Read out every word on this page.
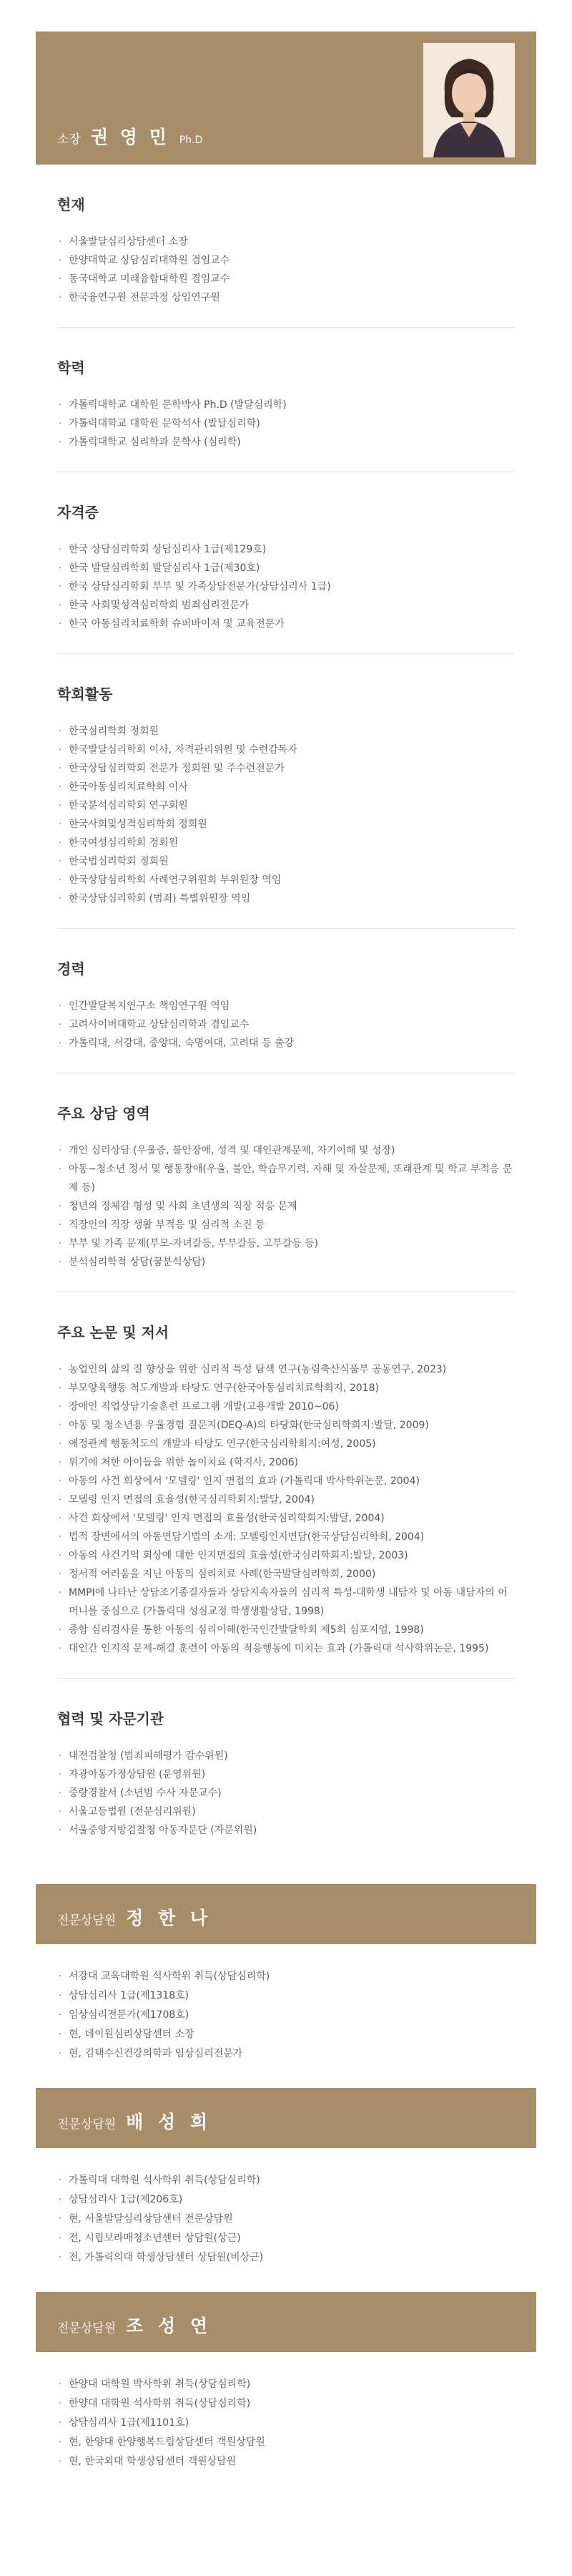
소장 권 영 민 Ph.D
현재
· 서울발달심리상담센터 소장
· 한양대학교 상담심리대학원 겸임교수
· 동국대학교 미래융합대학원 겸임교수
· 한국융연구원 전문과정 상임연구원
학력
· 가톨릭대학교 대학원 문학박사 Ph.D (발달심리학)
· 가톨릭대학교 대학원 문학석사 (발달심리학)
· 가톨릭대학교 심리학과 문학사 (심리학)
자격증
· 한국 상담심리학회 상담심리사 1급(제129호)
· 한국 발달심리학회 발달심리사 1급(제30호)
· 한국 상담심리학회 부부 및 가족상담전문가(상담심리사 1급)
· 한국 사회및성격심리학회 범죄심리전문가
· 한국 아동심리치료학회 슈퍼바이저 및 교육전문가
학회활동
· 한국심리학회 정회원
· 한국발달심리학회 이사, 자격관리위원 및 수련감독자
· 한국상담심리학회 전문가 정회원 및 주수련전문가
· 한국아동심리치료학회 이사
· 한국분석심리학회 연구회원
· 한국사회및성격심리학회 정회원
· 한국여성심리학회 정회원
· 한국법심리학회 정회원
· 한국상담심리학회 사례연구위원회 부위원장 역임
· 한국상담심리학회 (범죄) 특별위원장 역임
경력
· 인간발달복지연구소 책임연구원 역임
· 고려사이버대학교 상담심리학과 겸임교수
· 가톨릭대, 서강대, 중앙대, 숙명여대, 고려대 등 출강
주요 상담 영역
· 개인 심리상담 (우울증, 불안장애, 성격 및 대인관계문제, 자기이해 및 성장)
· 아동~청소년 정서 및 행동장애(우울, 불안, 학습무기력, 자해 및 자살문제, 또래관계 및 학교 부적응 문제 등)
· 청년의 정체감 형성 및 사회 초년생의 직장 적응 문제
· 직장인의 직장 생활 부적응 및 심리적 소진 등
· 부부 및 가족 문제(부모-자녀갈등, 부부갈등, 고부갈등 등)
· 분석심리학적 상담(꿈분석상담)
주요 논문 및 저서
· 농업인의 삶의 질 향상을 위한 심리적 특성 탐색 연구(농림축산식품부 공동연구, 2023)
· 부모양육행동 척도개발과 타당도 연구(한국아동심리치료학회지, 2018)
· 장애인 직업상담기술훈련 프로그램 개발(고용개발 2010~06)
· 아동 및 청소년용 우울경험 질문지(DEQ-A)의 타당화(한국심리학회지:발달, 2009)
· 애정관계 행동척도의 개발과 타당도 연구(한국심리학회지:여성, 2005)
· 위기에 처한 아이들을 위한 놀이치료 (학지사, 2006)
· 아동의 사건 회상에서 '모델링' 인지 면접의 효과 (가톨릭대 박사학위논문, 2004)
· 모델링 인지 면접의 효율성(한국심리학회지:발달, 2004)
· 사건 회상에서 '모델링' 인지 면접의 효율성(한국심리학회지:발달, 2004)
· 법적 장면에서의 아동면담기법의 소개: 모델링인지면담(한국상담심리학회, 2004)
· 아동의 사건기억 회상에 대한 인지면접의 효율성(한국심리학회지:발달, 2003)
· 정서적 어려움을 지닌 아동의 심리치료 사례(한국발달심리학회, 2000)
· MMPI에 나타난 상담조기종결자들과 상담지속자들의 심리적 특성-대학생 내담자 및 아동 내담자의 어머니를 중심으로 (가톨릭대 성심교정 학생생활상담, 1998)
· 종합 심리검사를 통한 아동의 심리이해(한국인간발달학회 제5회 심포지엄, 1998)
· 대인간 인지적 문제-해결 훈련이 아동의 적응행동에 미치는 효과 (가톨릭대 석사학위논문, 1995)
협력 및 자문기관
· 대전검찰청 (범죄피해평가 감수위원)
· 자광아동가정상담원 (운영위원)
· 중랑경찰서 (소년범 수사 자문교수)
· 서울고등법원 (전문심리위원)
· 서울중앙지방검찰청 아동자문단 (자문위원)
전문상담원 정 한 나
· 서강대 교육대학원 석사학위 취득(상담심리학)
· 상담심리사 1급(제1318호)
· 임상심리전문가(제1708호)
· 현, 데이원심리상담센터 소장
· 현, 김택수신건강의학과 임상심리전문가
전문상담원 배 성 희
· 가톨릭대 대학원 석사학위 취득(상담심리학)
· 상담심리사 1급(제206호)
· 현, 서울발달심리상담센터 전문상담원
· 전, 시립보라매청소년센터 상담원(상근)
· 전, 가톨릭의대 학생상담센터 상담원(비상근)
전문상담원 조 성 연
· 한양대 대학원 박사학위 취득(상담심리학)
· 한양대 대학원 석사학위 취득(상담심리학)
· 상담심리사 1급(제1101호)
· 현, 한양대 한양행복드림상담센터 객원상담원
· 현, 한국외대 학생상담센터 객원상담원
